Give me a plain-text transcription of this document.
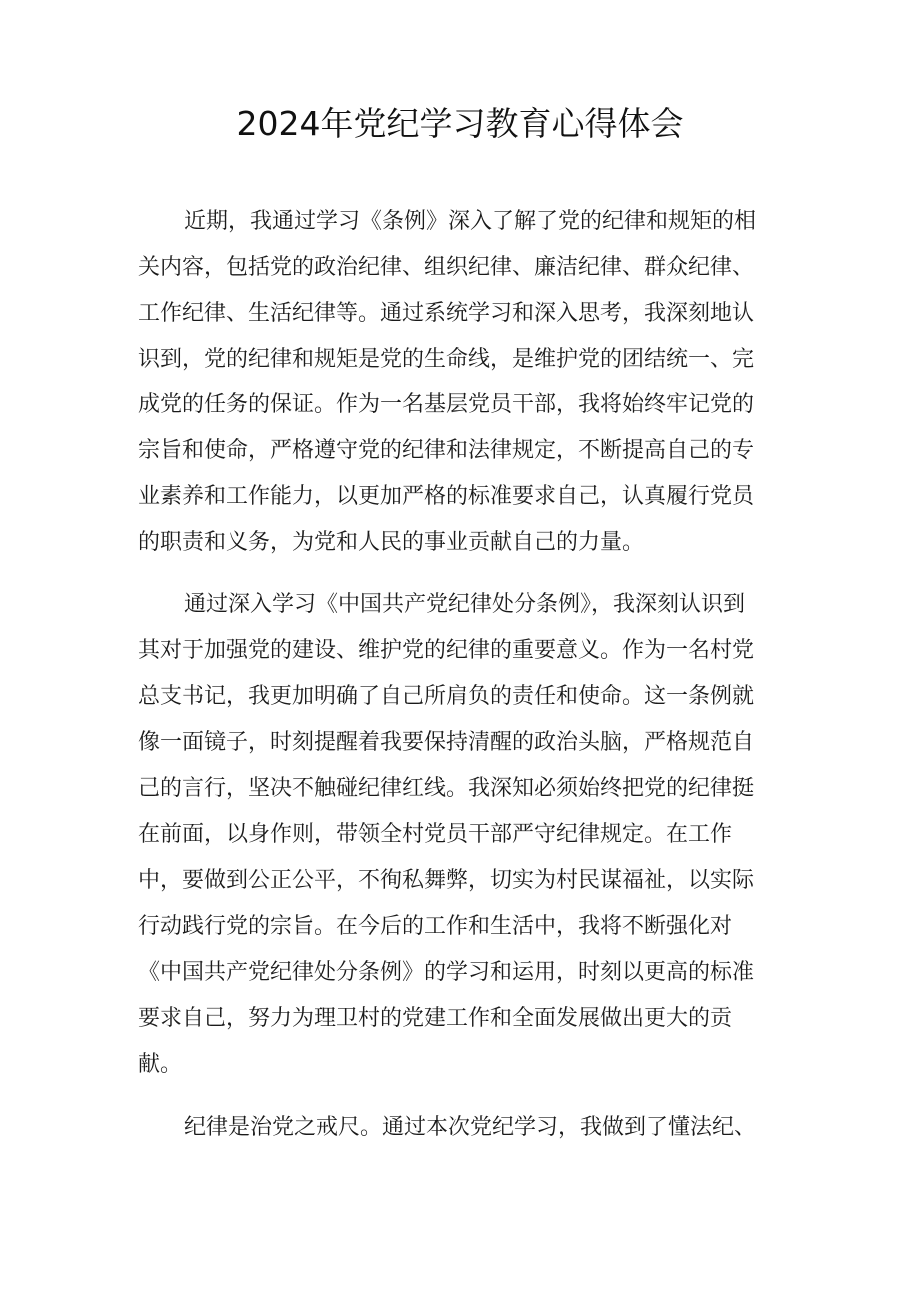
2024年党纪学习教育心得体会
近期，我通过学习《条例》深入了解了党的纪律和规矩的相
关内容，包括党的政治纪律、组织纪律、廉洁纪律、群众纪律、
工作纪律、生活纪律等。通过系统学习和深入思考，我深刻地认
识到，党的纪律和规矩是党的生命线，是维护党的团结统一、完
成党的任务的保证。作为一名基层党员干部，我将始终牢记党的
宗旨和使命，严格遵守党的纪律和法律规定，不断提高自己的专
业素养和工作能力，以更加严格的标准要求自己，认真履行党员
的职责和义务，为党和人民的事业贡献自己的力量。
通过深入学习《中国共产党纪律处分条例》，我深刻认识到
其对于加强党的建设、维护党的纪律的重要意义。作为一名村党
总支书记，我更加明确了自己所肩负的责任和使命。这一条例就
像一面镜子，时刻提醒着我要保持清醒的政治头脑，严格规范自
己的言行，坚决不触碰纪律红线。我深知必须始终把党的纪律挺
在前面，以身作则，带领全村党员干部严守纪律规定。在工作
中，要做到公正公平，不徇私舞弊，切实为村民谋福祉，以实际
行动践行党的宗旨。在今后的工作和生活中，我将不断强化对
《中国共产党纪律处分条例》的学习和运用，时刻以更高的标准
要求自己，努力为理卫村的党建工作和全面发展做出更大的贡
献。
纪律是治党之戒尺。通过本次党纪学习，我做到了懂法纪、
